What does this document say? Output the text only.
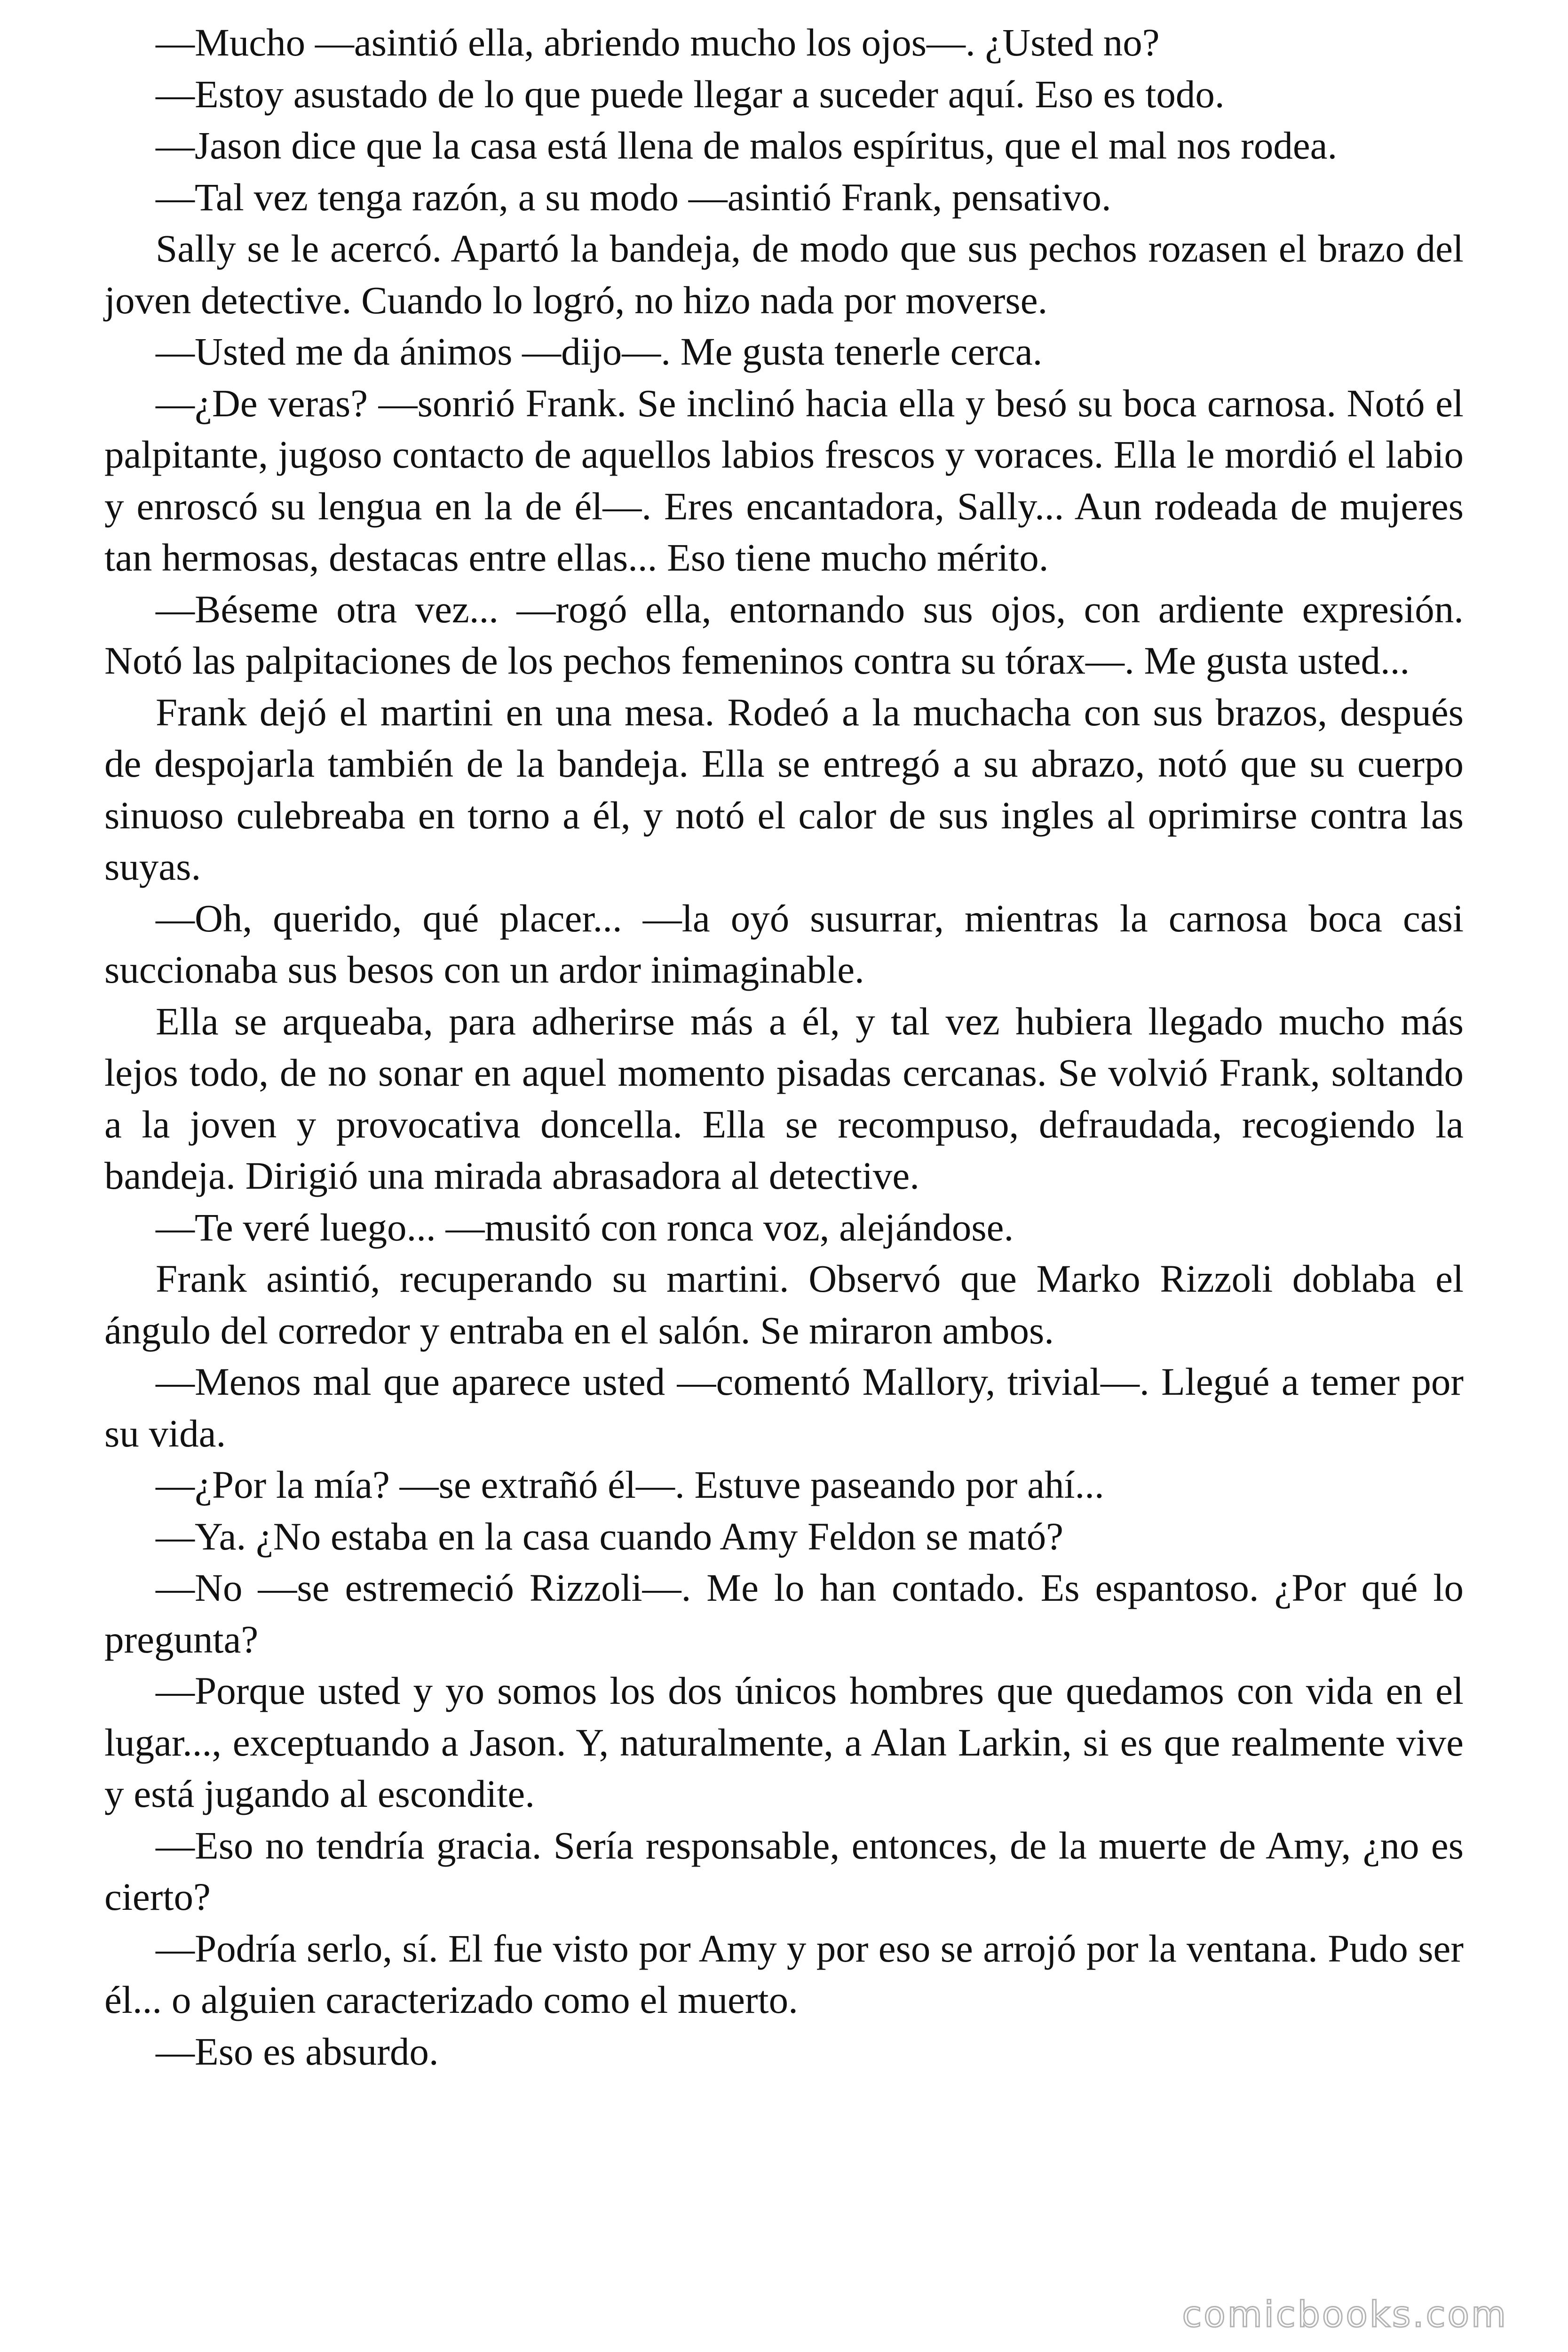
—Mucho —asintió ella, abriendo mucho los ojos—. ¿Usted no?

—Estoy asustado de lo que puede llegar a suceder aquí. Eso es todo.

—Jason dice que la casa está llena de malos espíritus, que el mal nos rodea.

—Tal vez tenga razón, a su modo —asintió Frank, pensativo.

Sally se le acercó. Apartó la bandeja, de modo que sus pechos rozasen el brazo del joven detective. Cuando lo logró, no hizo nada por moverse.

—Usted me da ánimos —dijo—. Me gusta tenerle cerca.

—¿De veras? —sonrió Frank. Se inclinó hacia ella y besó su boca carnosa. Notó el palpitante, jugoso contacto de aquellos labios frescos y voraces. Ella le mordió el labio y enroscó su lengua en la de él—. Eres encantadora, Sally... Aun rodeada de mujeres tan hermosas, destacas entre ellas... Eso tiene mucho mérito.

—Béseme otra vez... —rogó ella, entornando sus ojos, con ardiente expresión. Notó las palpitaciones de los pechos femeninos contra su tórax—. Me gusta usted...

Frank dejó el martini en una mesa. Rodeó a la muchacha con sus brazos, después de despojarla también de la bandeja. Ella se entregó a su abrazo, notó que su cuerpo sinuoso culebreaba en torno a él, y notó el calor de sus ingles al oprimirse contra las suyas.

—Oh, querido, qué placer... —la oyó susurrar, mientras la carnosa boca casi succionaba sus besos con un ardor inimaginable.

Ella se arqueaba, para adherirse más a él, y tal vez hubiera llegado mucho más lejos todo, de no sonar en aquel momento pisadas cercanas. Se volvió Frank, soltando a la joven y provocativa doncella. Ella se recompuso, defraudada, recogiendo la bandeja. Dirigió una mirada abrasadora al detective.

—Te veré luego... —musitó con ronca voz, alejándose.

Frank asintió, recuperando su martini. Observó que Marko Rizzoli doblaba el ángulo del corredor y entraba en el salón. Se miraron ambos.

—Menos mal que aparece usted —comentó Mallory, trivial—. Llegué a temer por su vida.

—¿Por la mía? —se extrañó él—. Estuve paseando por ahí...

—Ya. ¿No estaba en la casa cuando Amy Feldon se mató?

—No —se estremeció Rizzoli—. Me lo han contado. Es espantoso. ¿Por qué lo pregunta?

—Porque usted y yo somos los dos únicos hombres que quedamos con vida en el lugar..., exceptuando a Jason. Y, naturalmente, a Alan Larkin, si es que realmente vive y está jugando al escondite.

—Eso no tendría gracia. Sería responsable, entonces, de la muerte de Amy, ¿no es cierto?

—Podría serlo, sí. El fue visto por Amy y por eso se arrojó por la ventana. Pudo ser él... o alguien caracterizado como el muerto.

—Eso es absurdo.

comicbooks.com
